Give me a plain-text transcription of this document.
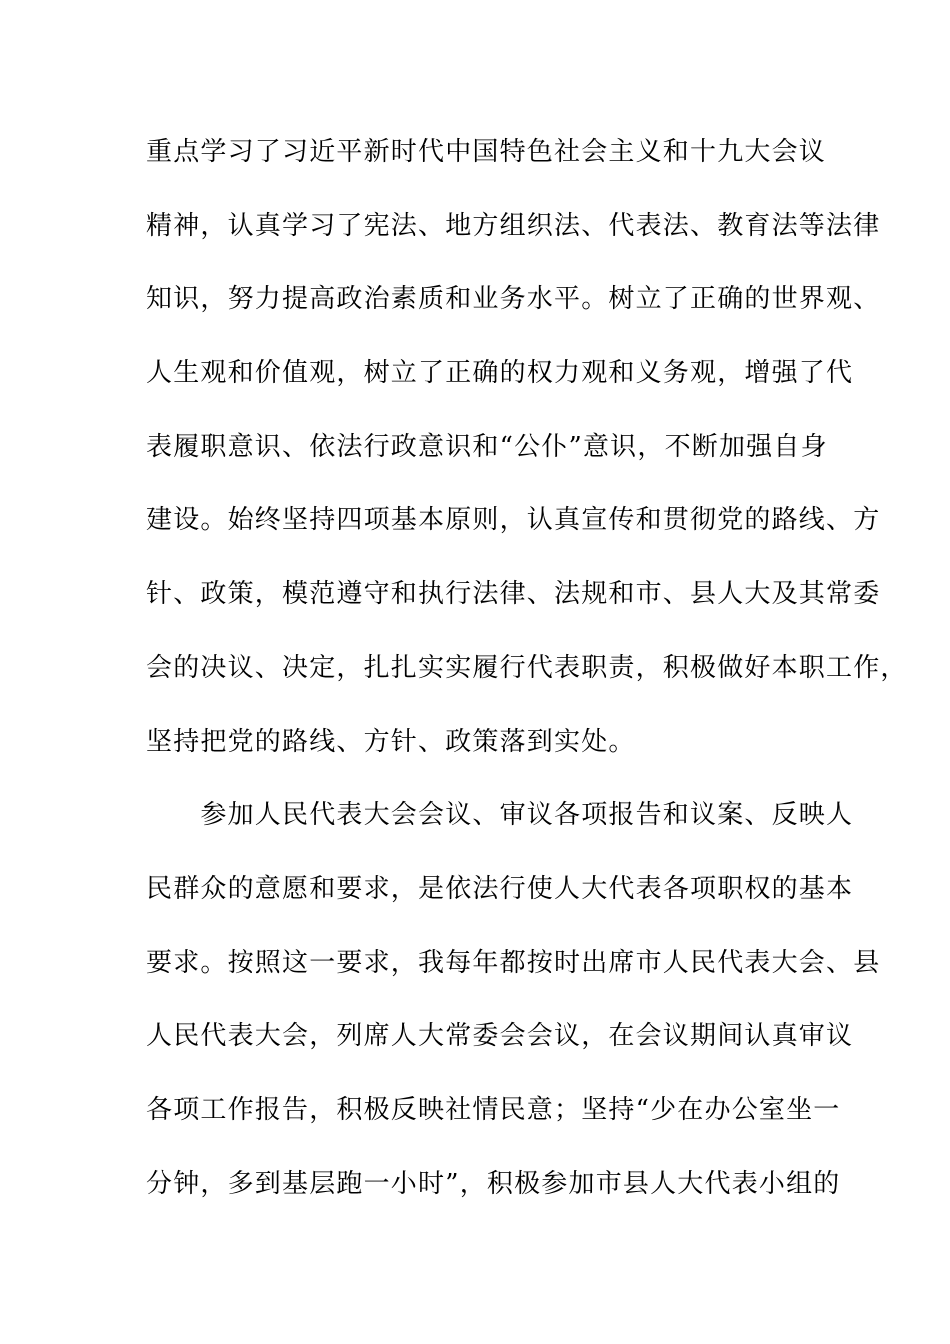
重点学习了习近平新时代中国特色社会主义和十九大会议
精神，认真学习了宪法、地方组织法、代表法、教育法等法律
知识，努力提高政治素质和业务水平。树立了正确的世界观、
人生观和价值观，树立了正确的权力观和义务观，增强了代
表履职意识、依法行政意识和“公仆”意识，不断加强自身
建设。始终坚持四项基本原则，认真宣传和贯彻党的路线、方
针、政策，模范遵守和执行法律、法规和市、县人大及其常委
会的决议、决定，扎扎实实履行代表职责，积极做好本职工作，
坚持把党的路线、方针、政策落到实处。
　　参加人民代表大会会议、审议各项报告和议案、反映人
民群众的意愿和要求，是依法行使人大代表各项职权的基本
要求。按照这一要求，我每年都按时出席市人民代表大会、县
人民代表大会，列席人大常委会会议，在会议期间认真审议
各项工作报告，积极反映社情民意；坚持“少在办公室坐一
分钟，多到基层跑一小时”，积极参加市县人大代表小组的
